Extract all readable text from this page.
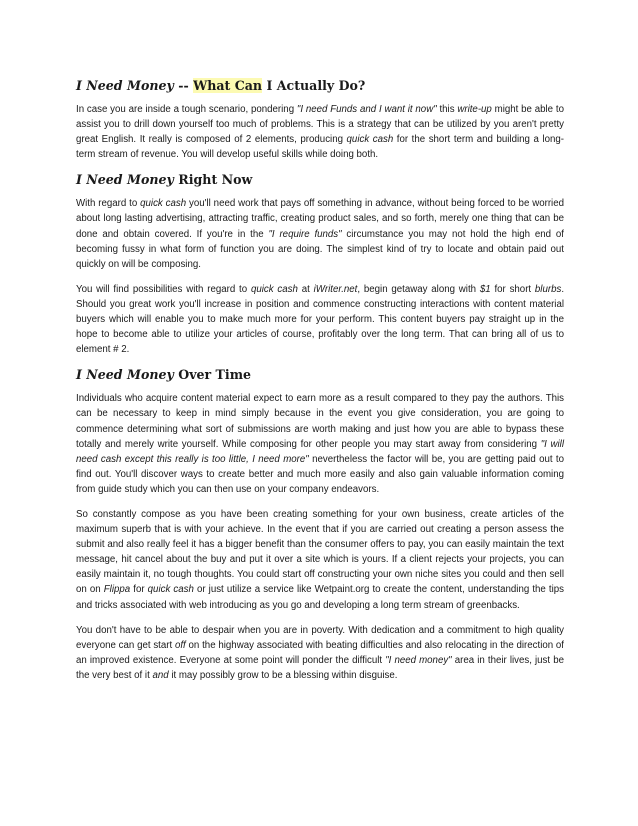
I Need Money -- What Can I Actually Do?

In case you are inside a tough scenario, pondering "I need Funds and I want it now" this write-up might be able to assist you to drill down yourself too much of problems. This is a strategy that can be utilized by you aren't pretty great English. It really is composed of 2 elements, producing quick cash for the short term and building a long-term stream of revenue. You will develop useful skills while doing both.

I Need Money Right Now

With regard to quick cash you'll need work that pays off something in advance, without being forced to be worried about long lasting advertising, attracting traffic, creating product sales, and so forth, merely one thing that can be done and obtain covered. If you're in the "I require funds" circumstance you may not hold the high end of becoming fussy in what form of function you are doing. The simplest kind of try to locate and obtain paid out quickly on will be composing.

You will find possibilities with regard to quick cash at iWriter.net, begin getaway along with $1 for short blurbs. Should you great work you'll increase in position and commence constructing interactions with content material buyers which will enable you to make much more for your perform. This content buyers pay straight up in the hope to become able to utilize your articles of course, profitably over the long term. That can bring all of us to element # 2.

I Need Money Over Time

Individuals who acquire content material expect to earn more as a result compared to they pay the authors. This can be necessary to keep in mind simply because in the event you give consideration, you are going to commence determining what sort of submissions are worth making and just how you are able to bypass these totally and merely write yourself. While composing for other people you may start away from considering "I will need cash except this really is too little, I need more" nevertheless the factor will be, you are getting paid out to find out. You'll discover ways to create better and much more easily and also gain valuable information coming from guide study which you can then use on your company endeavors.

So constantly compose as you have been creating something for your own business, create articles of the maximum superb that is with your achieve. In the event that if you are carried out creating a person assess the submit and also really feel it has a bigger benefit than the consumer offers to pay, you can easily maintain the text message, hit cancel about the buy and put it over a site which is yours. If a client rejects your projects, you can easily maintain it, no tough thoughts. You could start off constructing your own niche sites you could and then sell on on Flippa for quick cash or just utilize a service like Wetpaint.org to create the content, understanding the tips and tricks associated with web introducing as you go and developing a long term stream of greenbacks.

You don't have to be able to despair when you are in poverty. With dedication and a commitment to high quality everyone can get start off on the highway associated with beating difficulties and also relocating in the direction of an improved existence. Everyone at some point will ponder the difficult "I need money" area in their lives, just be the very best of it and it may possibly grow to be a blessing within disguise.
